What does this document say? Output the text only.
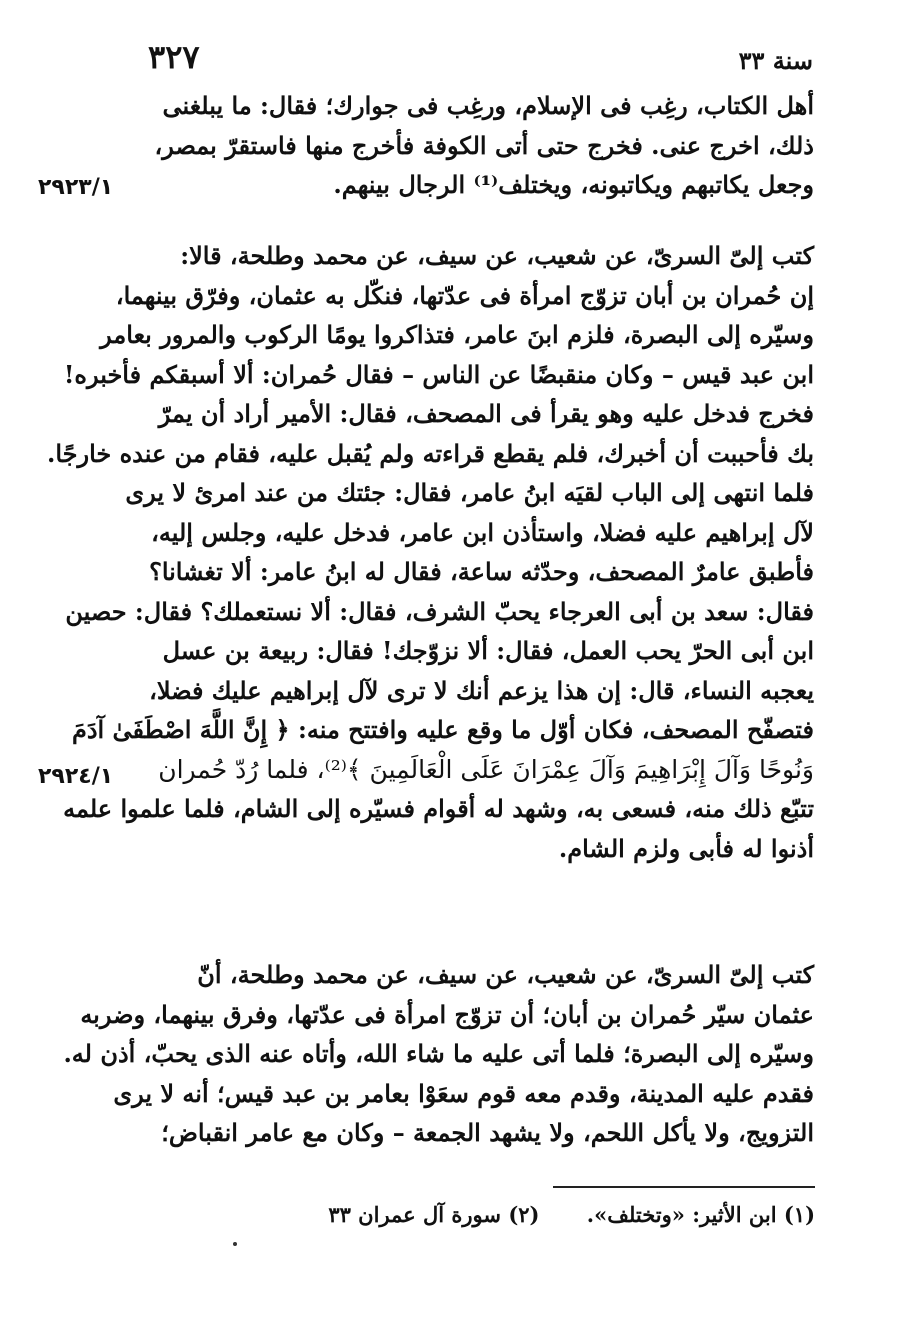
٣٢٧	سنة ٣٣
٢٩٢٣/١
٢٩٢٤/١
أهل الكتاب، رغِب فى الإسلام، ورغِب فى جوارك؛ فقال: ما يبلغنى
ذلك، اخرج عنى. فخرج حتى أتى الكوفة فأخرج منها فاستقرّ بمصر،
وجعل يكاتبهم ويكاتبونه، ويختلف⁽¹⁾ الرجال بينهم.
كتب إلىّ السرىّ، عن شعيب، عن سيف، عن محمد وطلحة، قالا:
إن حُمران بن أبان تزوّج امرأة فى عدّتها، فنكّل به عثمان، وفرّق بينهما،
وسيّره إلى البصرة، فلزم ابنَ عامر، فتذاكروا يومًا الركوب والمرور بعامر
ابن عبد قيس – وكان منقبضًا عن الناس – فقال حُمران: ألا أسبقكم فأخبره!
فخرج فدخل عليه وهو يقرأ فى المصحف، فقال: الأمير أراد أن يمرّ
بك فأحببت أن أخبرك، فلم يقطع قراءته ولم يُقبل عليه، فقام من عنده خارجًا.
فلما انتهى إلى الباب لقيَه ابنُ عامر، فقال: جئتك من عند امرئ لا يرى
لآل إبراهيم عليه فضلا، واستأذن ابن عامر، فدخل عليه، وجلس إليه،
فأطبق عامرٌ المصحف، وحدّثه ساعة، فقال له ابنُ عامر: ألا تغشانا؟
فقال: سعد بن أبى العرجاء يحبّ الشرف، فقال: ألا نستعملك؟ فقال: حصين
ابن أبى الحرّ يحب العمل، فقال: ألا نزوّجك! فقال: ربيعة بن عسل
يعجبه النساء، قال: إن هذا يزعم أنك لا ترى لآل إبراهيم عليك فضلا،
فتصفّح المصحف، فكان أوّل ما وقع عليه وافتتح منه: ﴿ إِنَّ اللَّهَ اصْطَفَىٰ آدَمَ
وَنُوحًا وَآلَ إِبْرَاهِيمَ وَآلَ عِمْرَانَ عَلَى الْعَالَمِينَ ﴾⁽²⁾، فلما رُدّ حُمران
تتبّع ذلك منه، فسعى به، وشهد له أقوام فسيّره إلى الشام، فلما علموا علمه
أذنوا له فأبى ولزم الشام.
كتب إلىّ السرىّ، عن شعيب، عن سيف، عن محمد وطلحة، أنّ
عثمان سيّر حُمران بن أبان؛ أن تزوّج امرأة فى عدّتها، وفرق بينهما، وضربه
وسيّره إلى البصرة؛ فلما أتى عليه ما شاء الله، وأتاه عنه الذى يحبّ، أذن له.
فقدم عليه المدينة، وقدم معه قوم سعَوْا بعامر بن عبد قيس؛ أنه لا يرى
التزويج، ولا يأكل اللحم، ولا يشهد الجمعة – وكان مع عامر انقباض؛
(١) ابن الأثير: «وتختلف». (٢) سورة آل عمران ٣٣
